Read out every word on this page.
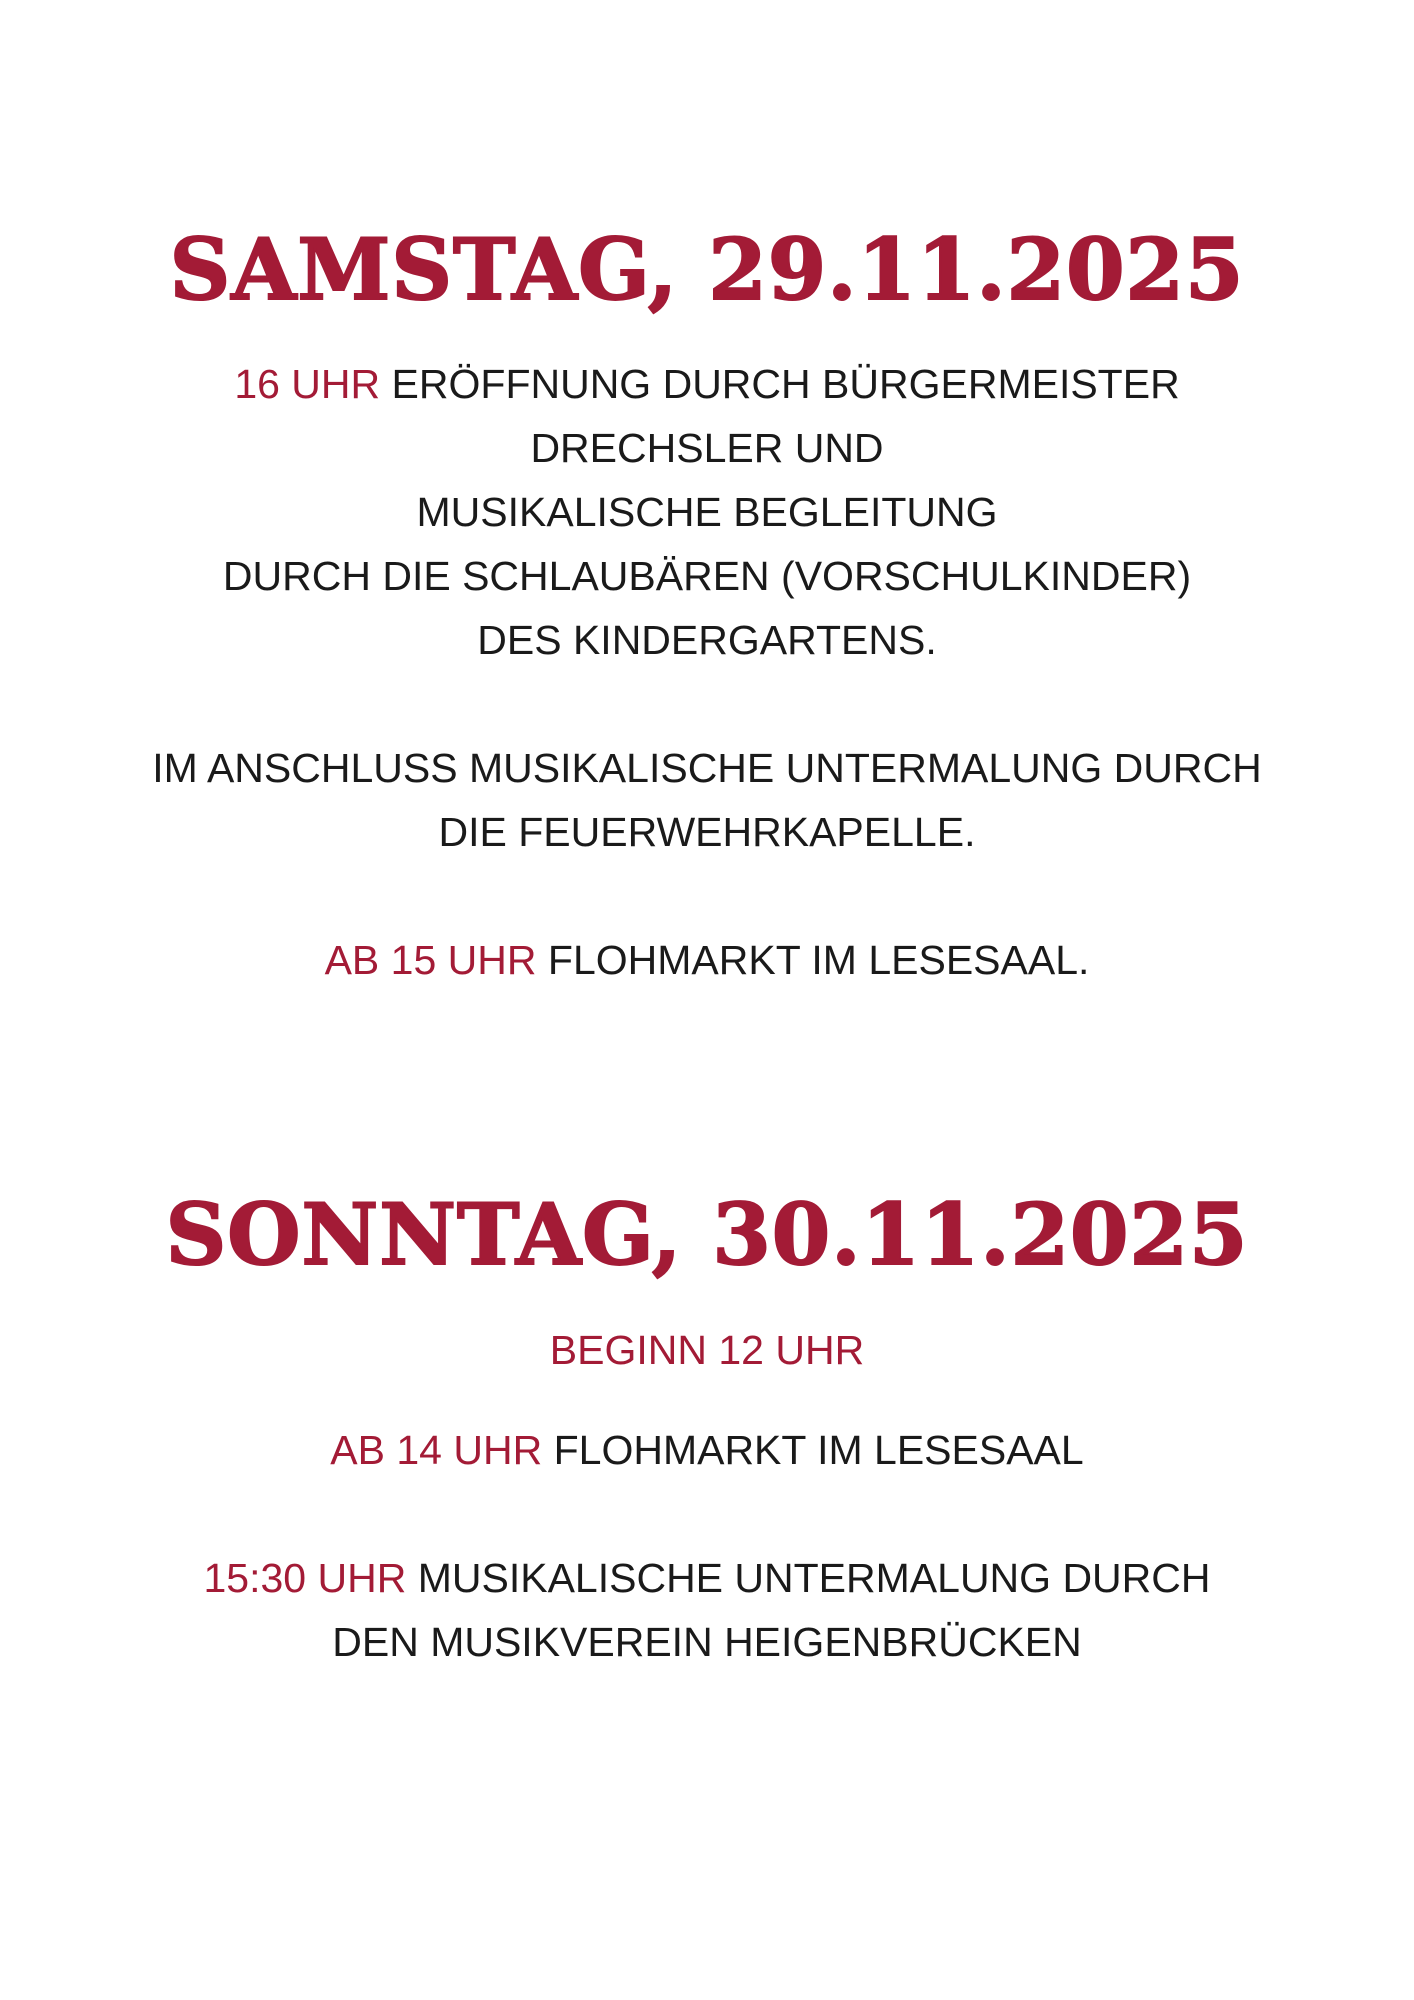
SAMSTAG, 29.11.2025
16 UHR ERÖFFNUNG DURCH BÜRGERMEISTER
DRECHSLER UND
MUSIKALISCHE BEGLEITUNG
DURCH DIE SCHLAUBÄREN (VORSCHULKINDER)
DES KINDERGARTENS.
IM ANSCHLUSS MUSIKALISCHE UNTERMALUNG DURCH
DIE FEUERWEHRKAPELLE.
AB 15 UHR FLOHMARKT IM LESESAAL.
SONNTAG, 30.11.2025
BEGINN 12 UHR
AB 14 UHR FLOHMARKT IM LESESAAL
15:30 UHR MUSIKALISCHE UNTERMALUNG DURCH
DEN MUSIKVEREIN HEIGENBRÜCKEN
